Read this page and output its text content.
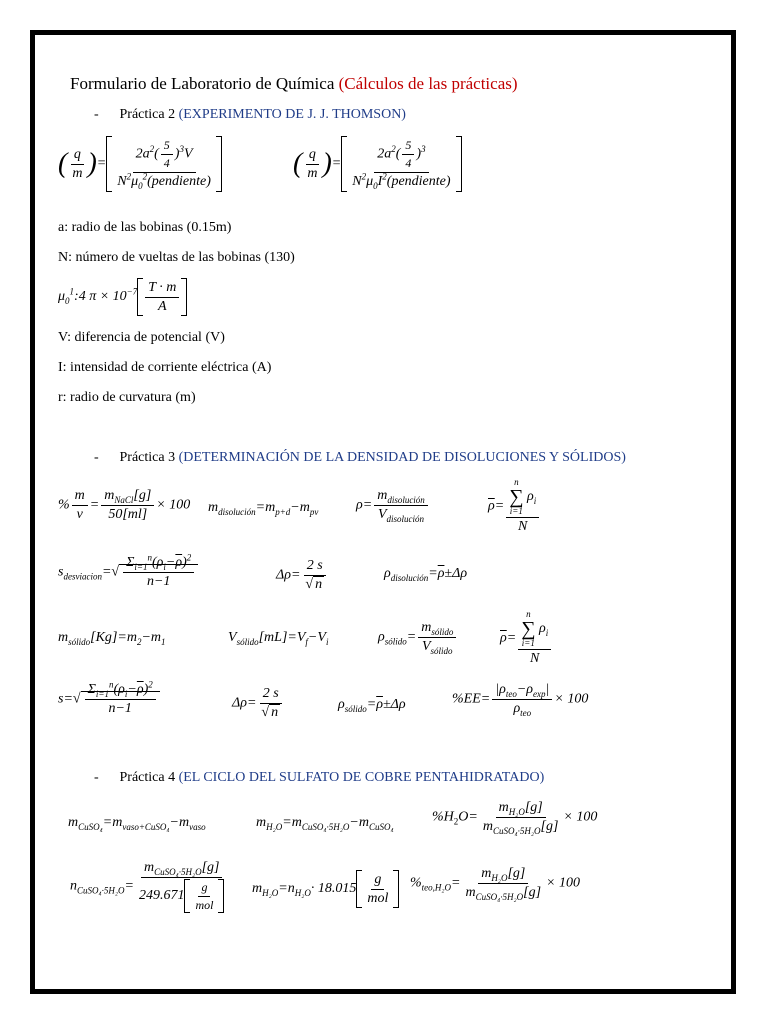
Formulario de Laboratorio de Química (Cálculos de las prácticas)
- Práctica 2 (EXPERIMENTO DE J. J. THOMSON)
( $\frac{q}{m}$ )= $\frac{2a^2( \frac{5}{4} )^3V}{N^2\mu_0^2(pendiente)}$	( $\frac{q}{m}$ )= $\frac{2a^2( \frac{5}{4} )^3}{N^2\mu_0I^2(pendiente)}$
a: radio de las bobinas (0.15m)
N: número de vueltas de las bobinas (130)
$\mu_0^1:4$ $\pi \times 10^{-7} \frac{T \cdot m}{A}$
V: diferencia de potencial (V)
I: intensidad de corriente eléctrica (A)
r: radio de curvatura (m)
- Práctica 3 (DETERMINACIÓN DE LA DENSIDAD DE DISOLUCIONES Y SÓLIDOS)
% $\frac{m}{v} = \frac{m_{NaCl}[g]}{50[ml]} \times 100$ $m_{disolución}=m_{p+d}-m_{pv}$	$\rho= \frac{m_{disolución}}{V_{disolución}}$	$\overline{\rho}= n$
∑
i=1
$\rho_i$
N
$s_{desviacion}=√ \frac{\Sigma_{i=1}^n(\rho_i-\overline{\rho})^2}{n-1}$	$\Delta\rho= \frac{2 s}{√ n}$	$\rho_{disolución}=\overline{\rho}\pm\Delta\rho$
$m_{sólido}[Kg]=m_2-m_1$	$V_{sólido}[mL]=V_f-V_i$	$\rho_{sólido}= \frac{m_{sólido}}{V_{sólido}}$	$\overline{\rho}= n$
∑
i=1
$\rho_i$
N
$s=√ \frac{\Sigma_{i=1}^n(\rho_i-\overline{\rho})^2}{n-1}$	$\Delta\rho= \frac{2 s}{√ n}$	$\rho_{sólido}=\overline{\rho}\pm\Delta\rho$	$\%EE= \frac{|\rho_{teo}-\rho_{exp}|}{\rho_{teo}} \times 100$
- Práctica 4 (EL CICLO DEL SULFATO DE COBRE PENTAHIDRATADO)
$m_{CuSO_4}=m_{vaso+CuSO_4}-m_{vaso}$	$m_{H_2O}=m_{CuSO_4\cdot 5H_2O}-m_{CuSO_4}$
$\%H_2O= \frac{m_{H_2O}[g]}{m_{CuSO_4\cdot 5H_2O}[g]} \times 100$
$n_{CuSO_4\cdot 5H_2O}= \frac{m_{CuSO_4\cdot 5H_2O}[g]}{249.671 \frac{g}{\text{mol}}} m_{H_2O}=n_{H_2O}\cdot 18.015 \frac{g}{\text{mol}} \%_{teo,H_2O}= \frac{m_{H_2O}[g]}{m_{CuSO_4\cdot 5H_2O}[g]} \times 100$
